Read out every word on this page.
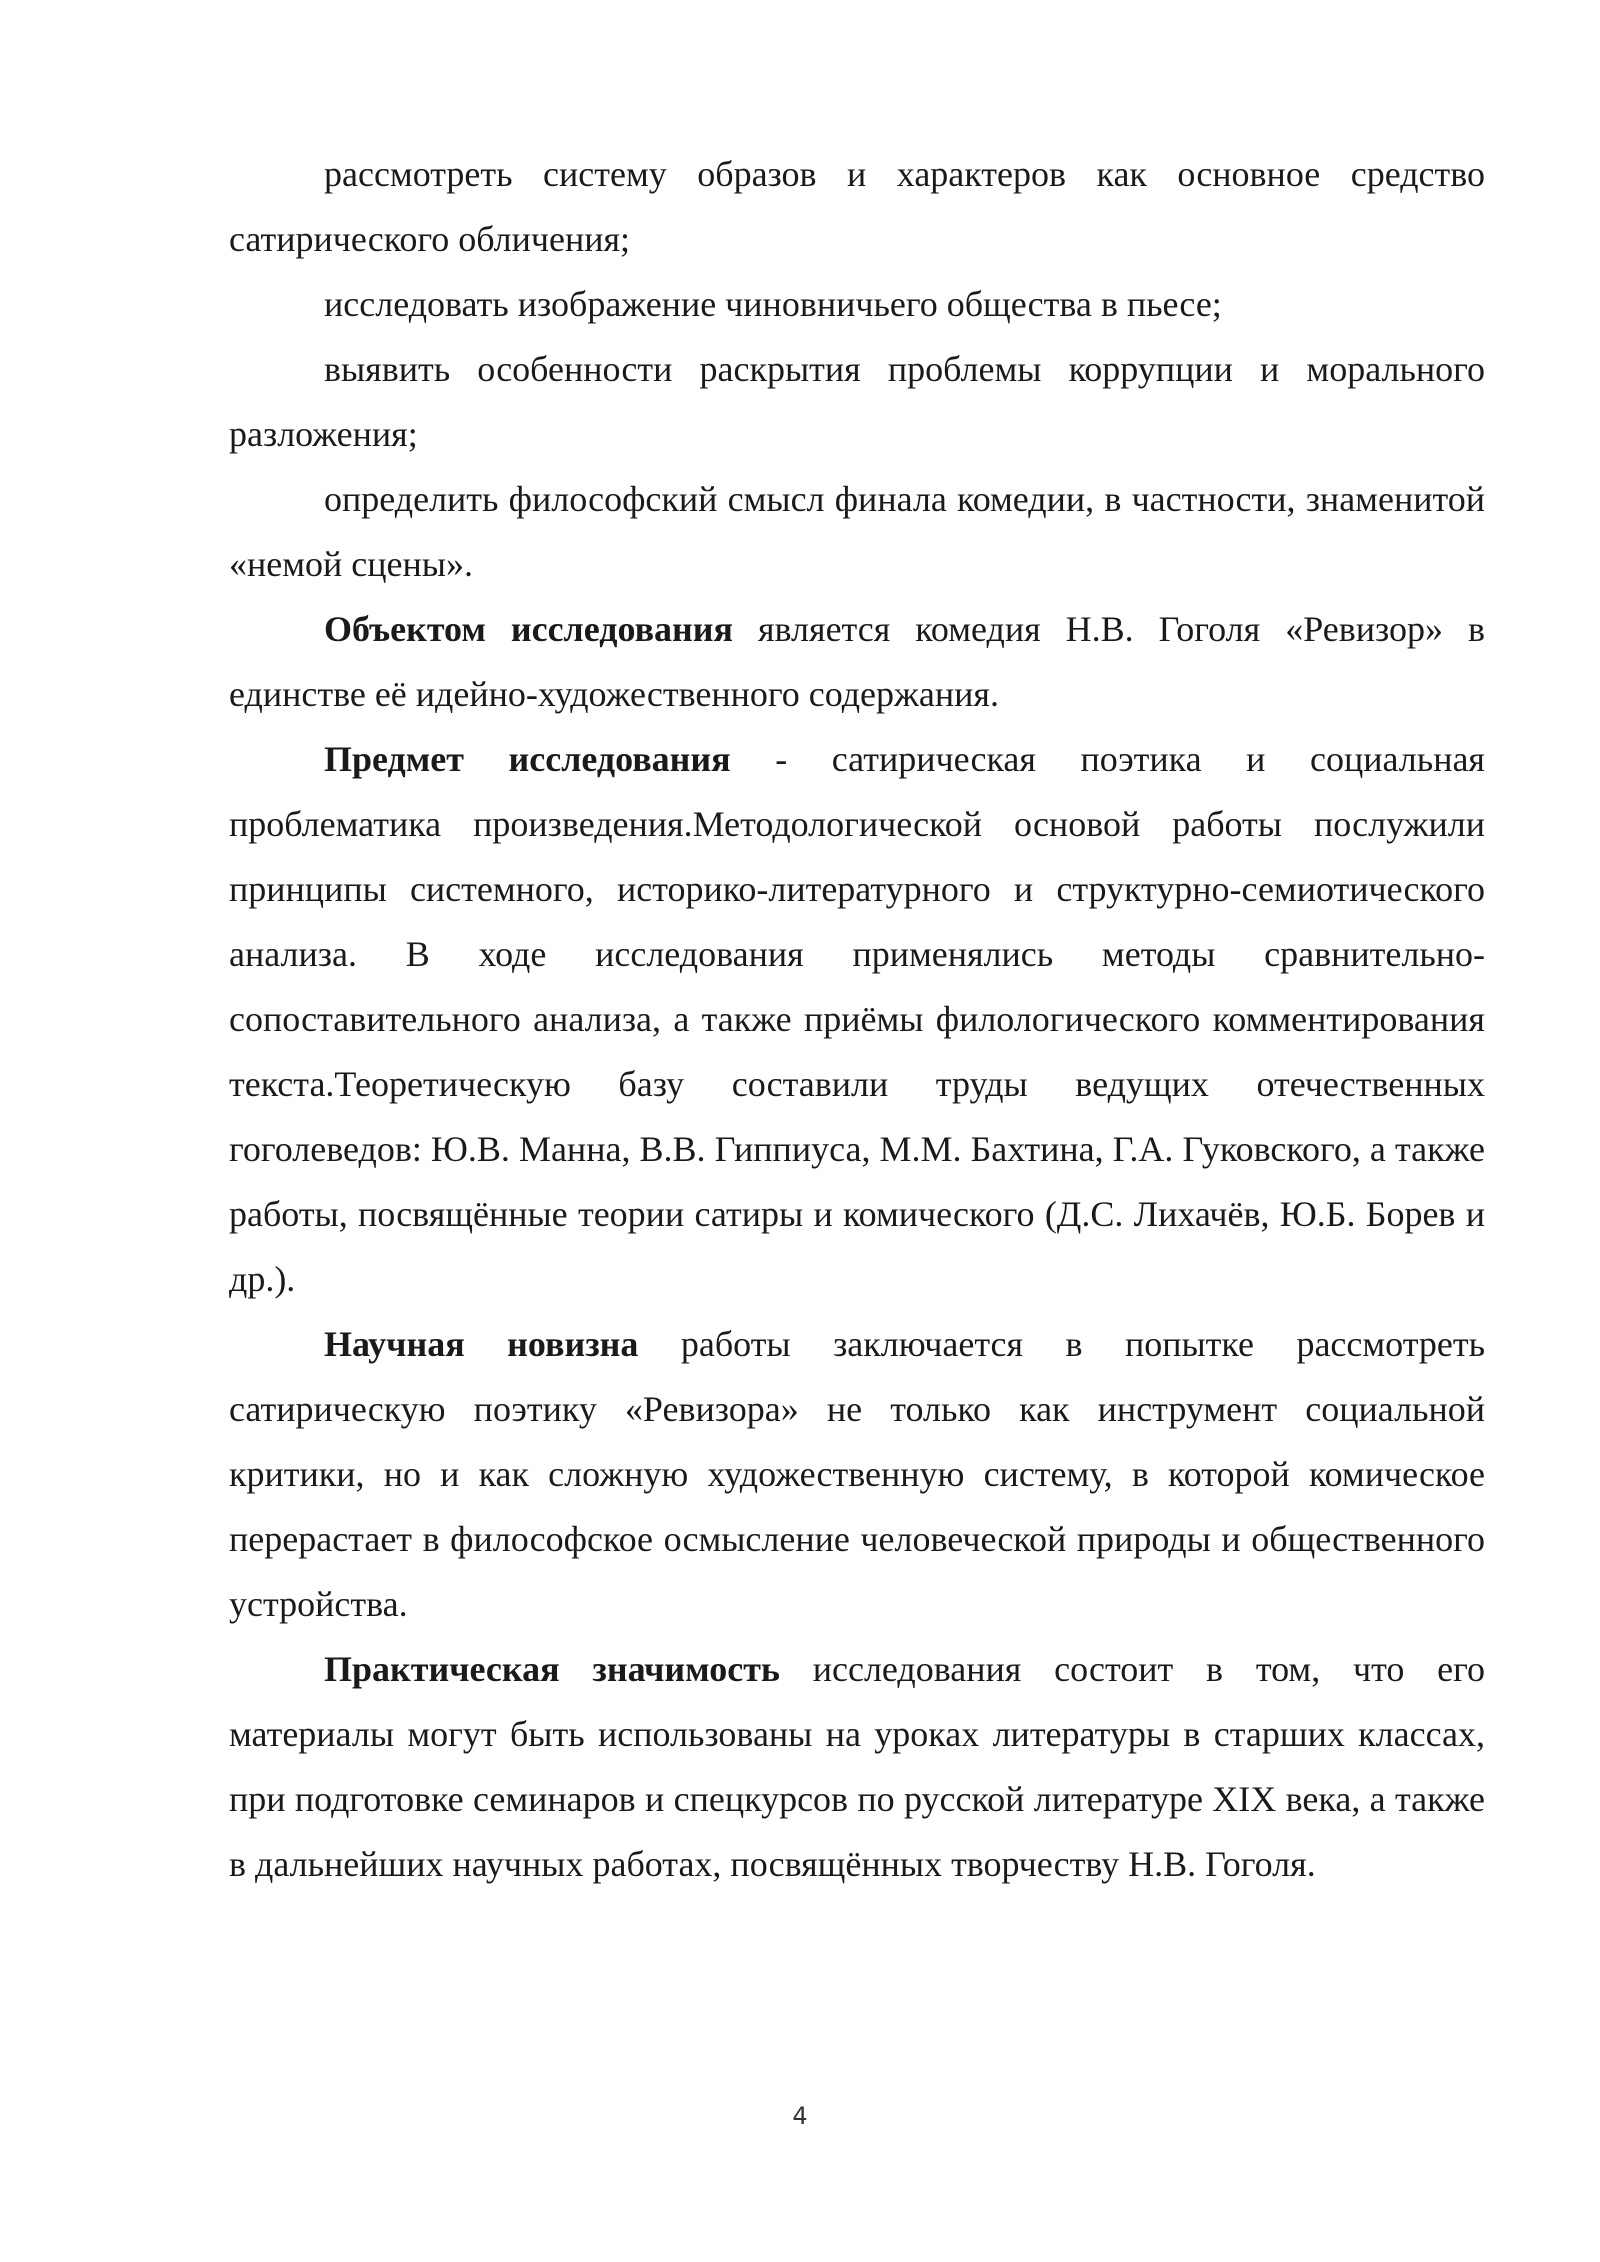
рассмотреть систему образов и характеров как основное средство сатирического обличения;

исследовать изображение чиновничьего общества в пьесе;

выявить особенности раскрытия проблемы коррупции и морального разложения;

определить философский смысл финала комедии, в частности, знаменитой «немой сцены».

Объектом исследования является комедия Н.В. Гоголя «Ревизор» в единстве её идейно-художественного содержания.

Предмет исследования - сатирическая поэтика и социальная проблематика произведения.Методологической основой работы послужили принципы системного, историко-литературного и структурно-семиотического анализа. В ходе исследования применялись методы сравнительно-сопоставительного анализа, а также приёмы филологического комментирования текста.Теоретическую базу составили труды ведущих отечественных гоголеведов: Ю.В. Манна, В.В. Гиппиуса, М.М. Бахтина, Г.А. Гуковского, а также работы, посвящённые теории сатиры и комического (Д.С. Лихачёв, Ю.Б. Борев и др.).

Научная новизна работы заключается в попытке рассмотреть сатирическую поэтику «Ревизора» не только как инструмент социальной критики, но и как сложную художественную систему, в которой комическое перерастает в философское осмысление человеческой природы и общественного устройства.

Практическая значимость исследования состоит в том, что его материалы могут быть использованы на уроках литературы в старших классах, при подготовке семинаров и спецкурсов по русской литературе XIX века, а также в дальнейших научных работах, посвящённых творчеству Н.В. Гоголя.

4
